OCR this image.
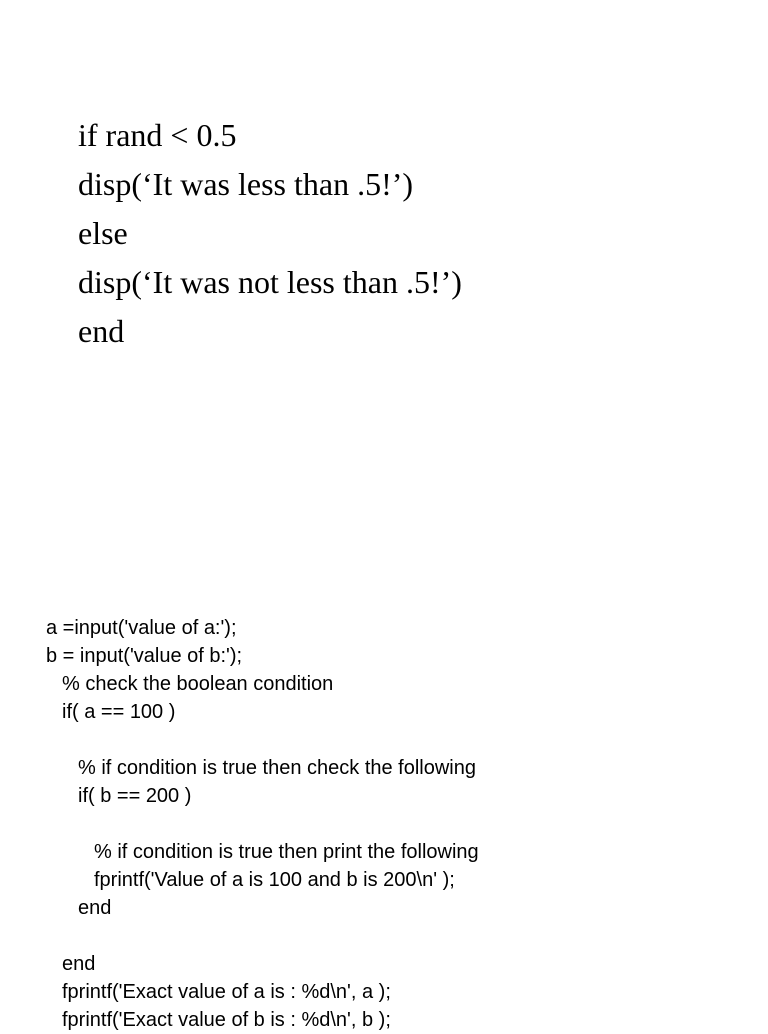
if rand < 0.5
disp(‘It was less than .5!’)
else
disp(‘It was not less than .5!’)
end
a =input('value of a:');
b = input('value of b:');
% check the boolean condition
if( a == 100 )
% if condition is true then check the following
if( b == 200 )
% if condition is true then print the following
fprintf('Value of a is 100 and b is 200\n' );
end
end
fprintf('Exact value of a is : %d\n', a );
fprintf('Exact value of b is : %d\n', b );
